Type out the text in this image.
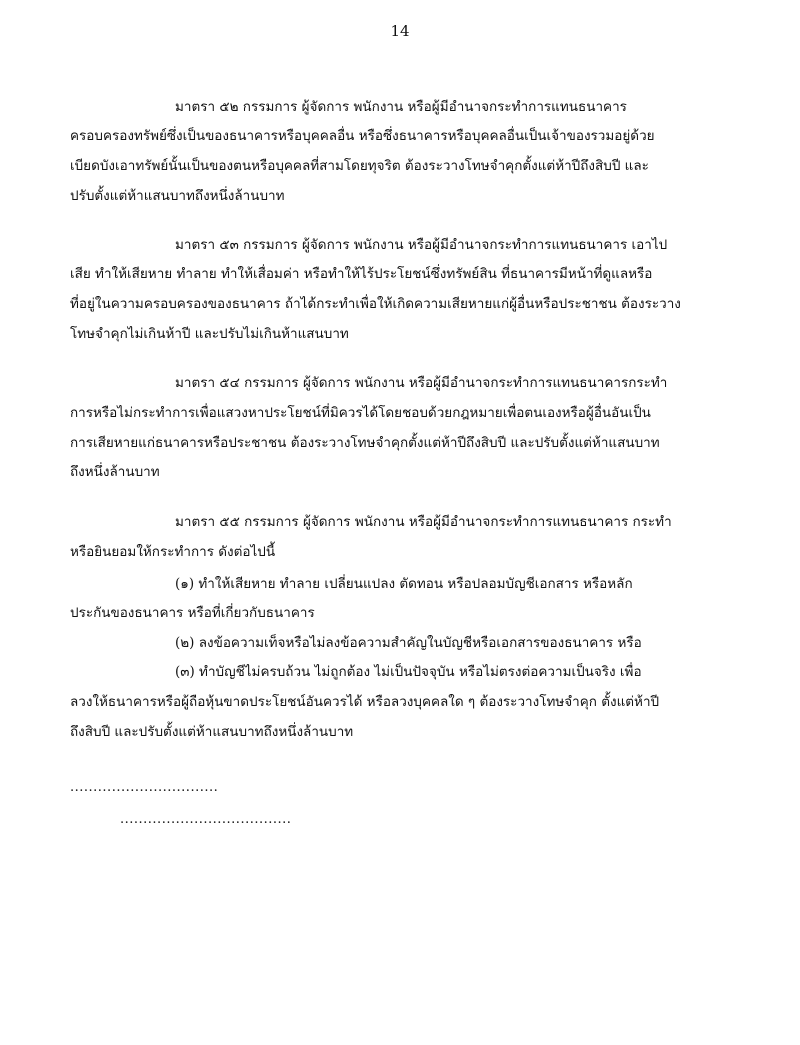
14
มาตรา ๕๒ กรรมการ ผู้จัดการ พนักงาน หรือผู้มีอำนาจกระทำการแทนธนาคาร
ครอบครองทรัพย์ซึ่งเป็นของธนาคารหรือบุคคลอื่น หรือซึ่งธนาคารหรือบุคคลอื่นเป็นเจ้าของรวมอยู่ด้วย
เบียดบังเอาทรัพย์นั้นเป็นของตนหรือบุคคลที่สามโดยทุจริต ต้องระวางโทษจำคุกตั้งแต่ห้าปีถึงสิบปี และ
ปรับตั้งแต่ห้าแสนบาทถึงหนึ่งล้านบาท
มาตรา ๕๓ กรรมการ ผู้จัดการ พนักงาน หรือผู้มีอำนาจกระทำการแทนธนาคาร เอาไป
เสีย ทำให้เสียหาย ทำลาย ทำให้เสื่อมค่า หรือทำให้ไร้ประโยชน์ซึ่งทรัพย์สิน ที่ธนาคารมีหน้าที่ดูแลหรือ
ที่อยู่ในความครอบครองของธนาคาร ถ้าได้กระทำเพื่อให้เกิดความเสียหายแก่ผู้อื่นหรือประชาชน ต้องระวาง
โทษจำคุกไม่เกินห้าปี และปรับไม่เกินห้าแสนบาท
มาตรา ๕๔ กรรมการ ผู้จัดการ พนักงาน หรือผู้มีอำนาจกระทำการแทนธนาคารกระทำ
การหรือไม่กระทำการเพื่อแสวงหาประโยชน์ที่มิควรได้โดยชอบด้วยกฎหมายเพื่อตนเองหรือผู้อื่นอันเป็น
การเสียหายแก่ธนาคารหรือประชาชน ต้องระวางโทษจำคุกตั้งแต่ห้าปีถึงสิบปี และปรับตั้งแต่ห้าแสนบาท
ถึงหนึ่งล้านบาท
มาตรา ๕๕ กรรมการ ผู้จัดการ พนักงาน หรือผู้มีอำนาจกระทำการแทนธนาคาร กระทำ
หรือยินยอมให้กระทำการ ดังต่อไปนี้
(๑) ทำให้เสียหาย ทำลาย เปลี่ยนแปลง ตัดทอน หรือปลอมบัญชีเอกสาร หรือหลัก
ประกันของธนาคาร หรือที่เกี่ยวกับธนาคาร
(๒) ลงข้อความเท็จหรือไม่ลงข้อความสำคัญในบัญชีหรือเอกสารของธนาคาร หรือ
(๓) ทำบัญชีไม่ครบถ้วน ไม่ถูกต้อง ไม่เป็นปัจจุบัน หรือไม่ตรงต่อความเป็นจริง เพื่อ
ลวงให้ธนาคารหรือผู้ถือหุ้นขาดประโยชน์อันควรได้ หรือลวงบุคคลใด ๆ ต้องระวางโทษจำคุก ตั้งแต่ห้าปี
ถึงสิบปี และปรับตั้งแต่ห้าแสนบาทถึงหนึ่งล้านบาท
................................
.....................................
